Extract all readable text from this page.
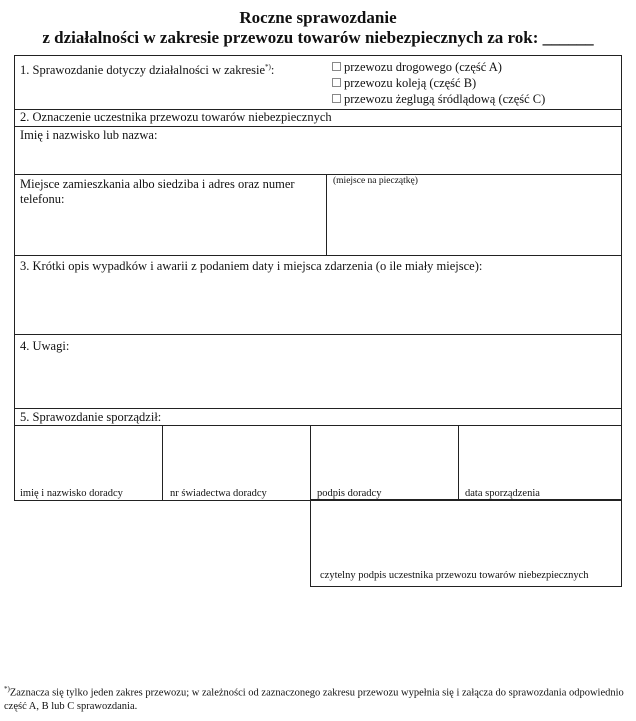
Roczne sprawozdanie
z działalności w zakresie przewozu towarów niebezpiecznych za rok: ______
1. Sprawozdanie dotyczy działalności w zakresie*):	przewozu drogowego (część A)
przewozu koleją (część B)
przewozu żeglugą śródlądową (część C)
2. Oznaczenie uczestnika przewozu towarów niebezpiecznych
Imię i nazwisko lub nazwa:
Miejsce zamieszkania albo siedziba i adres oraz numer telefonu:
(miejsce na pieczątkę)
3. Krótki opis wypadków i awarii z podaniem daty i miejsca zdarzenia (o ile miały miejsce):
4. Uwagi:
5. Sprawozdanie sporządził:
imię i nazwisko doradcy	nr świadectwa doradcy	podpis doradcy	data sporządzenia
czytelny podpis uczestnika przewozu towarów niebezpiecznych
*)Zaznacza się tylko jeden zakres przewozu; w zależności od zaznaczonego zakresu przewozu wypełnia się i załącza do sprawozdania odpowiednio część A, B lub C sprawozdania.
